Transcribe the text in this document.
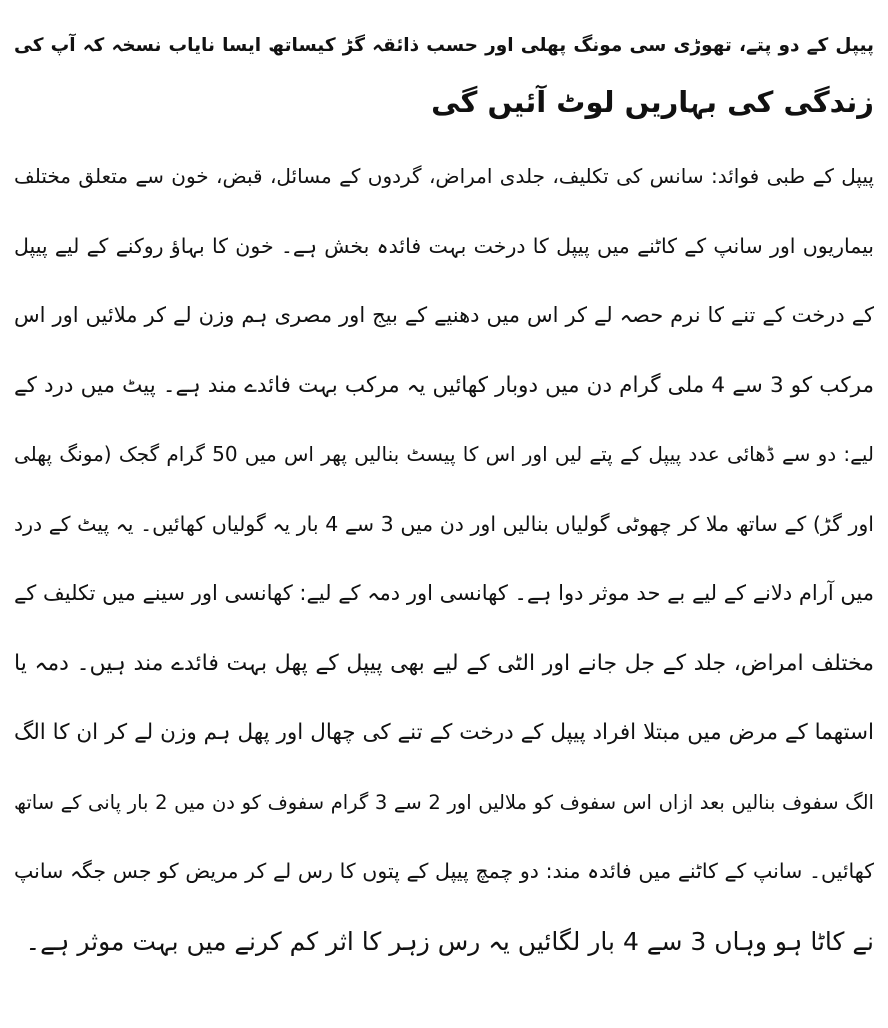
پیپل کے دو پتے، تھوڑی سی مونگ پھلی اور حسب ذائقہ گڑ کیساتھ ایسا نایاب نسخہ کہ آپ کی
زندگی کی بہاریں لوٹ آئیں گی
پیپل کے طبی فوائد: سانس کی تکلیف، جلدی امراض، گردوں کے مسائل، قبض، خون سے متعلق مختلف
بیماریوں اور سانپ کے کاٹنے میں پیپل کا درخت بہت فائدہ بخش ہے۔ خون کا بہاؤ روکنے کے لیے پیپل
کے درخت کے تنے کا نرم حصہ لے کر اس میں دھنیے کے بیج اور مصری ہم وزن لے کر ملائیں اور اس
مرکب کو 3 سے 4 ملی گرام دن میں دوبار کھائیں یہ مرکب بہت فائدے مند ہے۔ پیٹ میں درد کے
لیے: دو سے ڈھائی عدد پیپل کے پتے لیں اور اس کا پیسٹ بنالیں پھر اس میں 50 گرام گجک (مونگ پھلی
اور گڑ) کے ساتھ ملا کر چھوٹی گولیاں بنالیں اور دن میں 3 سے 4 بار یہ گولیاں کھائیں۔ یہ پیٹ کے درد
میں آرام دلانے کے لیے بے حد موثر دوا ہے۔ کھانسی اور دمہ کے لیے: کھانسی اور سینے میں تکلیف کے
مختلف امراض، جلد کے جل جانے اور الٹی کے لیے بھی پیپل کے پھل بہت فائدے مند ہیں۔ دمہ یا
استھما کے مرض میں مبتلا افراد پیپل کے درخت کے تنے کی چھال اور پھل ہم وزن لے کر ان کا الگ
الگ سفوف بنالیں بعد ازاں اس سفوف کو ملالیں اور 2 سے 3 گرام سفوف کو دن میں 2 بار پانی کے ساتھ
کھائیں۔ سانپ کے کاٹنے میں فائدہ مند: دو چمچ پیپل کے پتوں کا رس لے کر مریض کو جس جگہ سانپ
نے کاٹا ہو وہاں 3 سے 4 بار لگائیں یہ رس زہر کا اثر کم کرنے میں بہت موثر ہے۔
